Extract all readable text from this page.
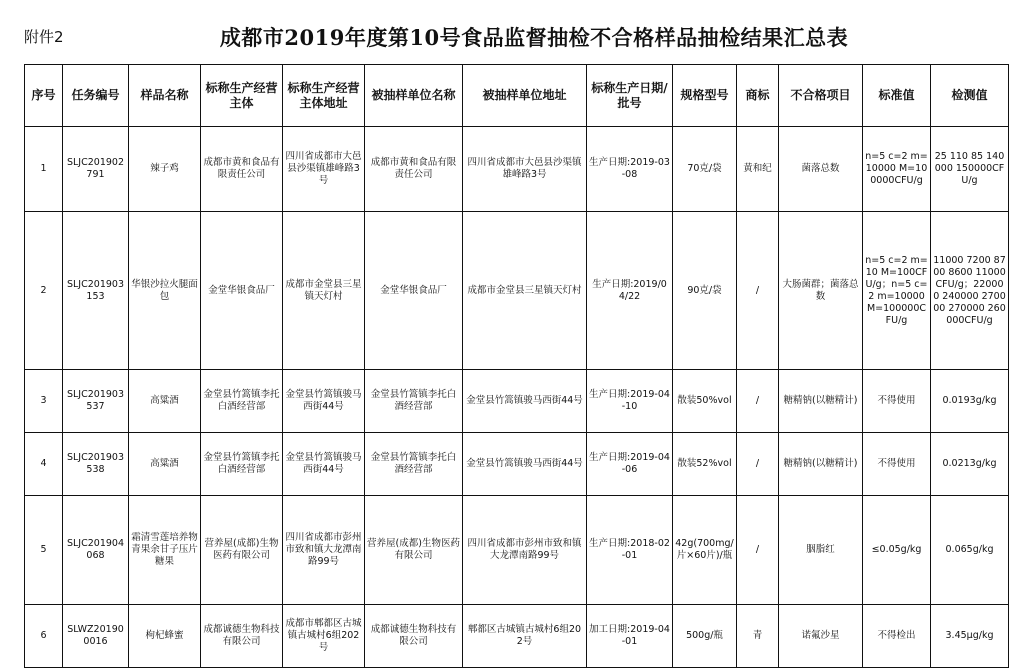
附件2	成都市2019年度第10号食品监督抽检不合格样品抽检结果汇总表
序号	任务编号	样品名称	标称生产经营主体	标称生产经营主体地址	被抽样单位名称	被抽样单位地址	标称生产日期/批号	规格型号	商标	不合格项目	标准值	检测值
1	SLJC201902791	辣子鸡	成都市黄和食品有限责任公司	四川省成都市大邑县沙渠镇雄峰路3号	成都市黄和食品有限责任公司	四川省成都市大邑县沙渠镇雄峰路3号	生产日期:2019-03-08	70克/袋	黄和纪	菌落总数	n=5 c=2 m=10000 M=100000CFU/g	25 110 85 140000 150000CFU/g
2	SLJC201903153	华银沙拉火腿面包	金堂华银食品厂	成都市金堂县三星镇天灯村	金堂华银食品厂	成都市金堂县三星镇天灯村	生产日期:2019/04/22	90克/袋	/	大肠菌群；菌落总数	n=5 c=2 m=10 M=100CFU/g；n=5 c=2 m=10000 M=100000CFU/g	11000 7200 8700 8600 11000CFU/g；220000 240000 270000 270000 260000CFU/g
3	SLJC201903537	高粱酒	金堂县竹篙镇李托白酒经营部	金堂县竹篙镇骏马西街44号	金堂县竹篙镇李托白酒经营部	金堂县竹篙镇骏马西街44号	生产日期:2019-04-10	散装50%vol	/	糖精钠(以糖精计)	不得使用	0.0193g/kg
4	SLJC201903538	高粱酒	金堂县竹篙镇李托白酒经营部	金堂县竹篙镇骏马西街44号	金堂县竹篙镇李托白酒经营部	金堂县竹篙镇骏马西街44号	生产日期:2019-04-06	散装52%vol	/	糖精钠(以糖精计)	不得使用	0.0213g/kg
5	SLJC201904068	霜清雪莲培养物青果余甘子压片糖果	营养屋(成都)生物医药有限公司	四川省成都市彭州市致和镇大龙潭南路99号	营养屋(成都)生物医药有限公司	四川省成都市彭州市致和镇大龙潭南路99号	生产日期:2018-02-01	42g(700mg/片×60片)/瓶	/	胭脂红	≤0.05g/kg	0.065g/kg
6	SLWZ201900016	枸杞蜂蜜	成都诚德生物科技有限公司	成都市郫都区古城镇古城村6组202号	成都诚德生物科技有限公司	郫都区古城镇古城村6组202号	加工日期:2019-04-01	500g/瓶	青	诺氟沙星	不得检出	3.45μg/kg
